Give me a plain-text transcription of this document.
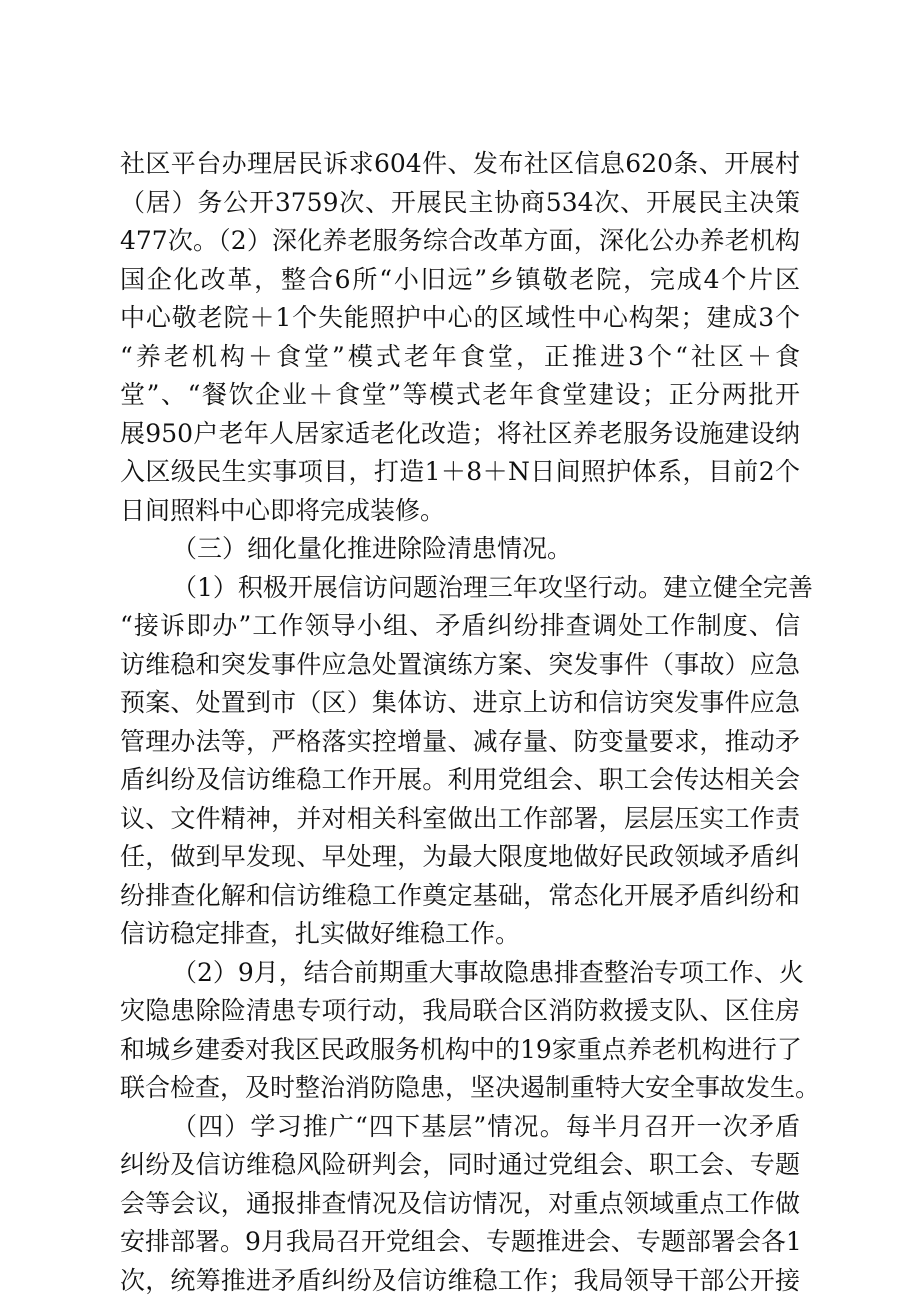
社区平台办理居民诉求604件、发布社区信息620条、开展村
（居）务公开3759次、开展民主协商534次、开展民主决策
477次。（2）深化养老服务综合改革方面，深化公办养老机构
国企化改革，整合6所“小旧远”乡镇敬老院，完成4个片区
中心敬老院＋1个失能照护中心的区域性中心构架；建成3个
“养老机构＋食堂”模式老年食堂，正推进3个“社区＋食
堂”、“餐饮企业＋食堂”等模式老年食堂建设；正分两批开
展950户老年人居家适老化改造；将社区养老服务设施建设纳
入区级民生实事项目，打造1＋8＋N日间照护体系，目前2个
日间照料中心即将完成装修。
（三）细化量化推进除险清患情况。
（1）积极开展信访问题治理三年攻坚行动。建立健全完善
“接诉即办”工作领导小组、矛盾纠纷排查调处工作制度、信
访维稳和突发事件应急处置演练方案、突发事件（事故）应急
预案、处置到市（区）集体访、进京上访和信访突发事件应急
管理办法等，严格落实控增量、减存量、防变量要求，推动矛
盾纠纷及信访维稳工作开展。利用党组会、职工会传达相关会
议、文件精神，并对相关科室做出工作部署，层层压实工作责
任，做到早发现、早处理，为最大限度地做好民政领域矛盾纠
纷排查化解和信访维稳工作奠定基础，常态化开展矛盾纠纷和
信访稳定排查，扎实做好维稳工作。
（2）9月，结合前期重大事故隐患排查整治专项工作、火
灾隐患除险清患专项行动，我局联合区消防救援支队、区住房
和城乡建委对我区民政服务机构中的19家重点养老机构进行了
联合检查，及时整治消防隐患，坚决遏制重特大安全事故发生。
（四）学习推广“四下基层”情况。每半月召开一次矛盾
纠纷及信访维稳风险研判会，同时通过党组会、职工会、专题
会等会议，通报排查情况及信访情况，对重点领域重点工作做
安排部署。9月我局召开党组会、专题推进会、专题部署会各1
次，统筹推进矛盾纠纷及信访维稳工作；我局领导干部公开接
